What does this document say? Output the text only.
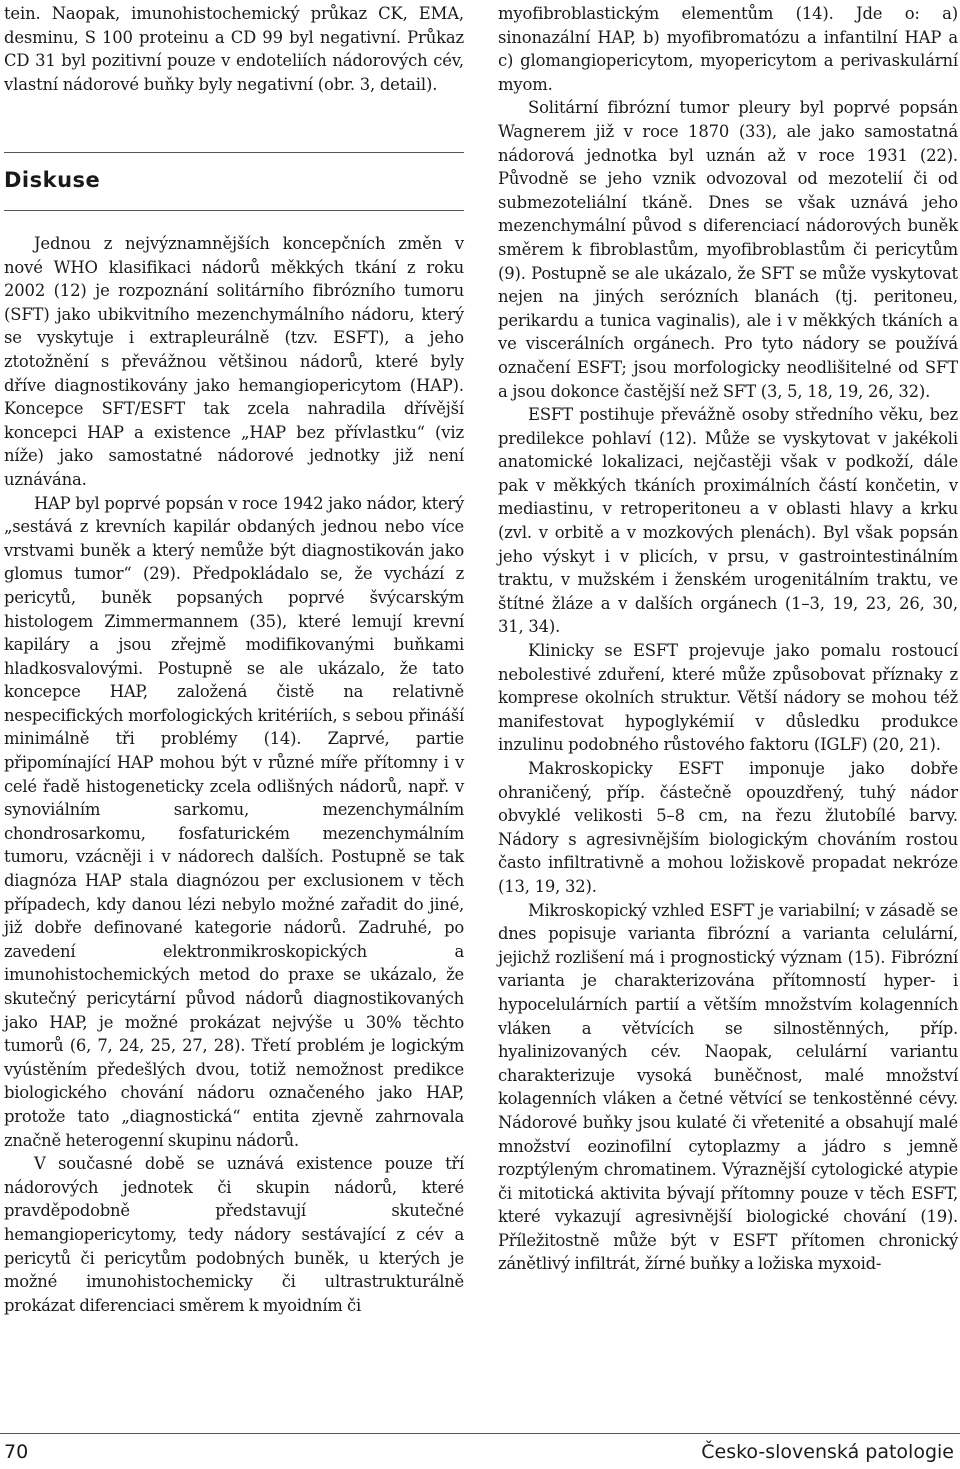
tein. Naopak, imunohistochemický průkaz CK, EMA, desminu, S 100 proteinu a CD 99 byl negativní. Průkaz CD 31 byl pozitivní pouze v endoteliích nádorových cév, vlastní nádorové buňky byly negativní (obr. 3, detail).

Diskuse

Jednou z nejvýznamnějších koncepčních změn v nové WHO klasifikaci nádorů měkkých tkání z roku 2002 (12) je rozpoznání solitárního fibrózního tumoru (SFT) jako ubikvitního mezenchymálního nádoru, který se vyskytuje i extrapleurálně (tzv. ESFT), a jeho ztotožnění s převážnou většinou nádorů, které byly dříve diagnostikovány jako hemangiopericytom (HAP). Koncepce SFT/ESFT tak zcela nahradila dřívější koncepci HAP a existence „HAP bez přívlastku“ (viz níže) jako samostatné nádorové jednotky již není uznávána.

HAP byl poprvé popsán v roce 1942 jako nádor, který „sestává z krevních kapilár obdaných jednou nebo více vrstvami buněk a který nemůže být diagnostikován jako glomus tumor“ (29). Předpokládalo se, že vychází z pericytů, buněk popsaných poprvé švýcarským histologem Zimmermannem (35), které lemují krevní kapiláry a jsou zřejmě modifikovanými buňkami hladkosvalovými. Postupně se ale ukázalo, že tato koncepce HAP, založená čistě na relativně nespecifických morfologických kritériích, s sebou přináší minimálně tři problémy (14). Zaprvé, partie připomínající HAP mohou být v různé míře přítomny i v celé řadě histogeneticky zcela odlišných nádorů, např. v synoviálním sarkomu, mezenchymálním chondrosarkomu, fosfaturickém mezenchymálním tumoru, vzácněji i v nádorech dalších. Postupně se tak diagnóza HAP stala diagnózou per exclusionem v těch případech, kdy danou lézi nebylo možné zařadit do jiné, již dobře definované kategorie nádorů. Zadruhé, po zavedení elektronmikroskopických a imunohistochemických metod do praxe se ukázalo, že skutečný pericytární původ nádorů diagnostikovaných jako HAP, je možné prokázat nejvýše u 30% těchto tumorů (6, 7, 24, 25, 27, 28). Třetí problém je logickým vyústěním předešlých dvou, totiž nemožnost predikce biologického chování nádoru označeného jako HAP, protože tato „diagnostická“ entita zjevně zahrnovala značně heterogenní skupinu nádorů.

V současné době se uznává existence pouze tří nádorových jednotek či skupin nádorů, které pravděpodobně představují skutečné hemangiopericytomy, tedy nádory sestávající z cév a pericytů či pericytům podobných buněk, u kterých je možné imunohistochemicky či ultrastrukturálně prokázat diferenciaci směrem k myoidním či

myofibroblastickým elementům (14). Jde o: a) sinonazální HAP, b) myofibromatózu a infantilní HAP a c) glomangiopericytom, myopericytom a perivaskulární myom.

Solitární fibrózní tumor pleury byl poprvé popsán Wagnerem již v roce 1870 (33), ale jako samostatná nádorová jednotka byl uznán až v roce 1931 (22). Původně se jeho vznik odvozoval od mezotelií či od submezoteliální tkáně. Dnes se však uznává jeho mezenchymální původ s diferenciací nádorových buněk směrem k fibroblastům, myofibroblastům či pericytům (9). Postupně se ale ukázalo, že SFT se může vyskytovat nejen na jiných serózních blanách (tj. peritoneu, perikardu a tunica vaginalis), ale i v měkkých tkáních a ve viscerálních orgánech. Pro tyto nádory se používá označení ESFT; jsou morfologicky neodlišitelné od SFT a jsou dokonce častější než SFT (3, 5, 18, 19, 26, 32).

ESFT postihuje převážně osoby středního věku, bez predilekce pohlaví (12). Může se vyskytovat v jakékoli anatomické lokalizaci, nejčastěji však v podkoží, dále pak v měkkých tkáních proximálních částí končetin, v mediastinu, v retroperitoneu a v oblasti hlavy a krku (zvl. v orbitě a v mozkových plenách). Byl však popsán jeho výskyt i v plicích, v prsu, v gastrointestinálním traktu, v mužském i ženském urogenitálním traktu, ve štítné žláze a v dalších orgánech (1–3, 19, 23, 26, 30, 31, 34).

Klinicky se ESFT projevuje jako pomalu rostoucí nebolestivé zduření, které může způsobovat příznaky z komprese okolních struktur. Větší nádory se mohou též manifestovat hypoglykémií v důsledku produkce inzulinu podobného růstového faktoru (IGLF) (20, 21).

Makroskopicky ESFT imponuje jako dobře ohraničený, příp. částečně opouzdřený, tuhý nádor obvyklé velikosti 5–8 cm, na řezu žlutobílé barvy. Nádory s agresivnějším biologickým chováním rostou často infiltrativně a mohou ložiskově propadat nekróze (13, 19, 32).

Mikroskopický vzhled ESFT je variabilní; v zásadě se dnes popisuje varianta fibrózní a varianta celulární, jejichž rozlišení má i prognostický význam (15). Fibrózní varianta je charakterizována přítomností hyper- i hypocelulárních partií a větším množstvím kolagenních vláken a větvících se silnostěnných, příp. hyalinizovaných cév. Naopak, celulární variantu charakterizuje vysoká buněčnost, malé množství kolagenních vláken a četné větvící se tenkostěnné cévy. Nádorové buňky jsou kulaté či vřetenité a obsahují malé množství eozinofilní cytoplazmy a jádro s jemně rozptýleným chromatinem. Výraznější cytologické atypie či mitotická aktivita bývají přítomny pouze v těch ESFT, které vykazují agresivnější biologické chování (19). Příležitostně může být v ESFT přítomen chronický zánětlivý infiltrát, žírné buňky a ložiska myxoid-

70	Česko-slovenská patologie
